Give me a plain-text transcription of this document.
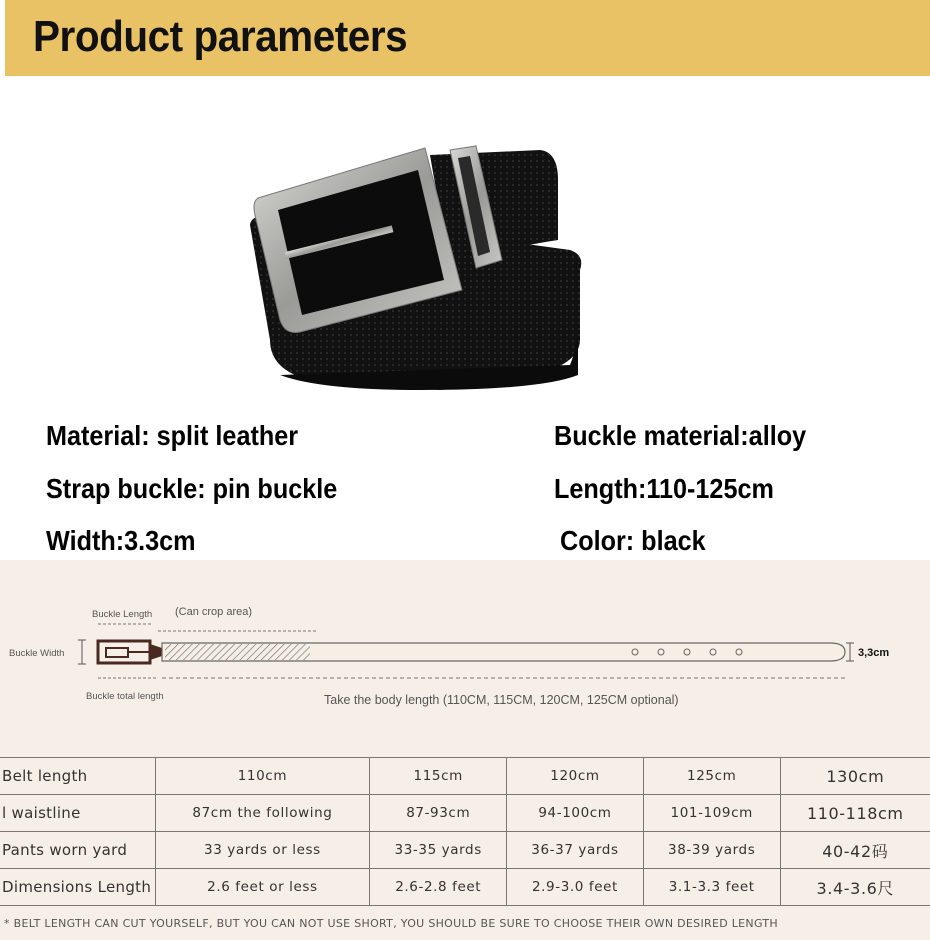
Product parameters
Material: split leather	Buckle material:alloy
Strap buckle: pin buckle	Length:110-125cm
Width:3.3cm	Color: black
Buckle Length (Can crop area)
Buckle Width	3,3cm
Buckle total length	Take the body length (110CM, 115CM, 120CM, 125CM optional)
Belt length	110cm	115cm	120cm	125cm	130cm
l waistline	87cm the following	87-93cm	94-100cm	101-109cm	110-118cm
Pants worn yard	33 yards or less	33-35 yards	36-37 yards	38-39 yards	40-42码
Dimensions Length	2.6 feet or less	2.6-2.8 feet	2.9-3.0 feet	3.1-3.3 feet	3.4-3.6尺
* BELT LENGTH CAN CUT YOURSELF, BUT YOU CAN NOT USE SHORT, YOU SHOULD BE SURE TO CHOOSE THEIR OWN DESIRED LENGTH
